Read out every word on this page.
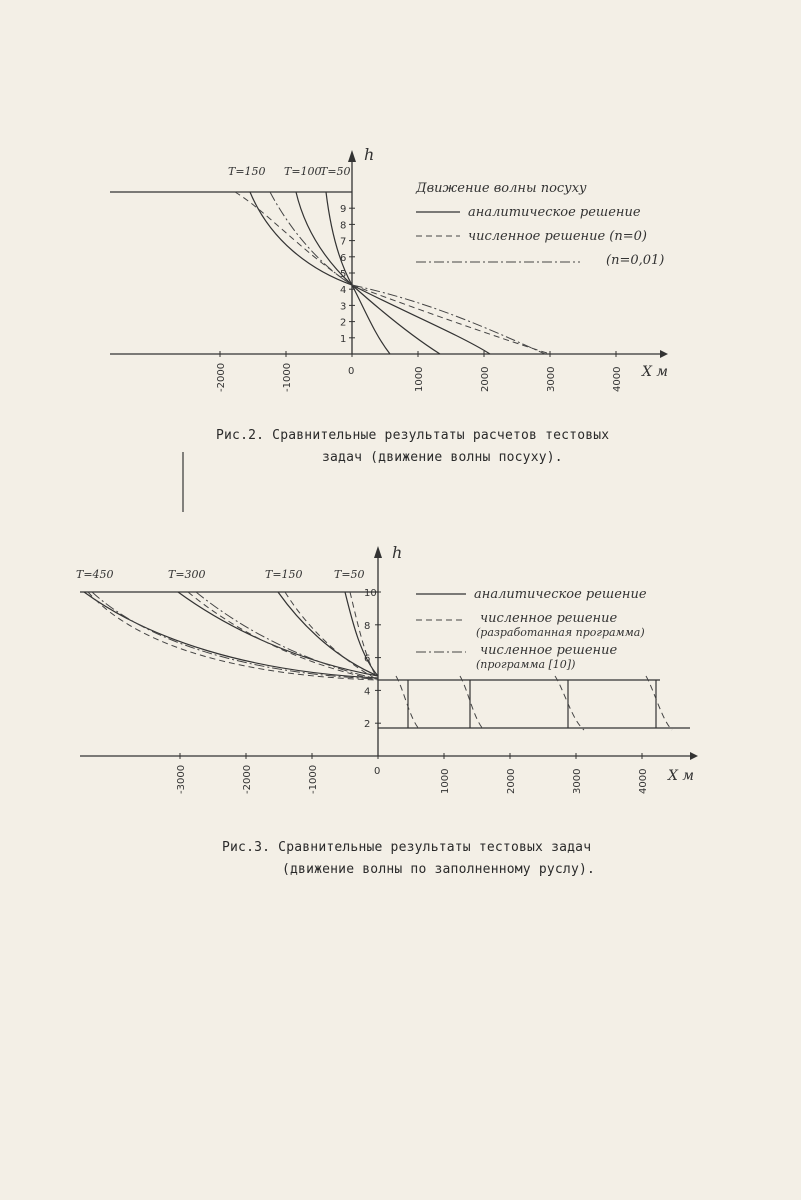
h
X м
T=150 T=100
T=50
1
2
3
4
5
6
7
8
9
-2000	-1000	0	1000	2000	3000	4000
Движение волны посуху
аналитическое решение
численное решение (n=0)
(n=0,01)
Рис.2. Сравнительные результаты расчетов тестовых
задач (движение волны посуху).
h
X м
T=450	T=300	T=150	T=50
2
4
6
8
10
-3000	-2000	-1000	0	1000	2000	3000	4000
аналитическое решение
численное решение
(разработанная программа)
численное решение
(программа [10])
Рис.3. Сравнительные результаты тестовых задач
(движение волны по заполненному руслу).
